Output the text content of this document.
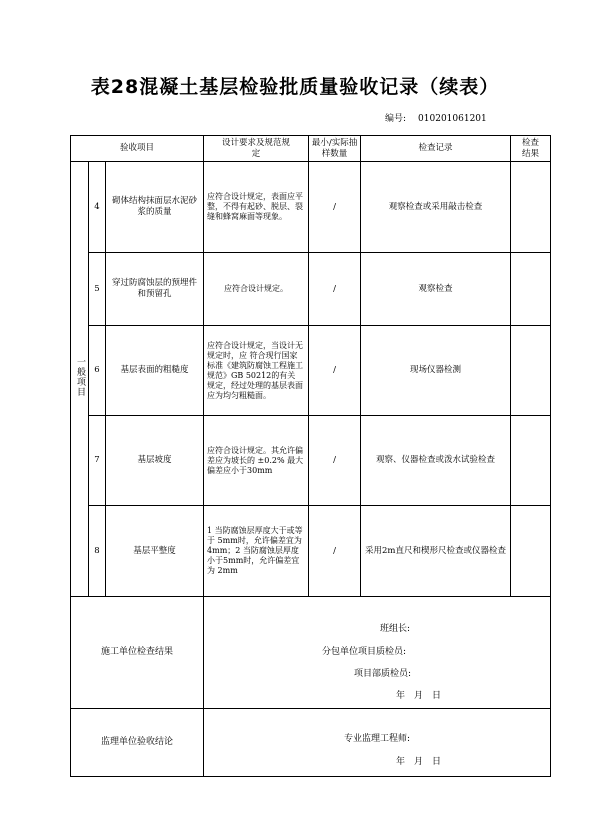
表28混凝土基层检验批质量验收记录（续表）
编号: 010201061201
验收项目			设计要求及规范规定	最小/实际抽样数量	检查记录	检查结果
一般项目	4	砌体结构抹面层水泥砂浆的质量	应符合设计规定，表面应平整，不得有起砂、脱层、裂缝和蜂窝麻面等现象。	/	观察检查或采用敲击检查	
	5	穿过防腐蚀层的预埋件和预留孔	应符合设计规定。	/	观察检查	
	6	基层表面的粗糙度	应符合设计规定，当设计无规定时，应 符合现行国家标准《建筑防腐蚀工程施工规范》GB 50212的有关 规定，经过处理的基层表面应为均匀粗糙面。	/	现场仪器检测	
	7	基层坡度	应符合设计规定。其允许偏差应为坡长的 ±0.2% 最大偏差应小于30mm	/	观察、仪器检查或泼水试验检查	
	8	基层平整度	1 当防腐蚀层厚度大于或等于 5mm时，允许偏差宜为 4mm；2 当防腐蚀层厚度小于5mm时，允许偏差宜为 2mm	/	采用2m直尺和楔形尺检查或仪器检查	
施工单位检查结果			班组长:
分包单位项目质检员:
项目部质检员:
年　月　日			

监理单位验收结论			专业监理工程师:
年　月　日			
